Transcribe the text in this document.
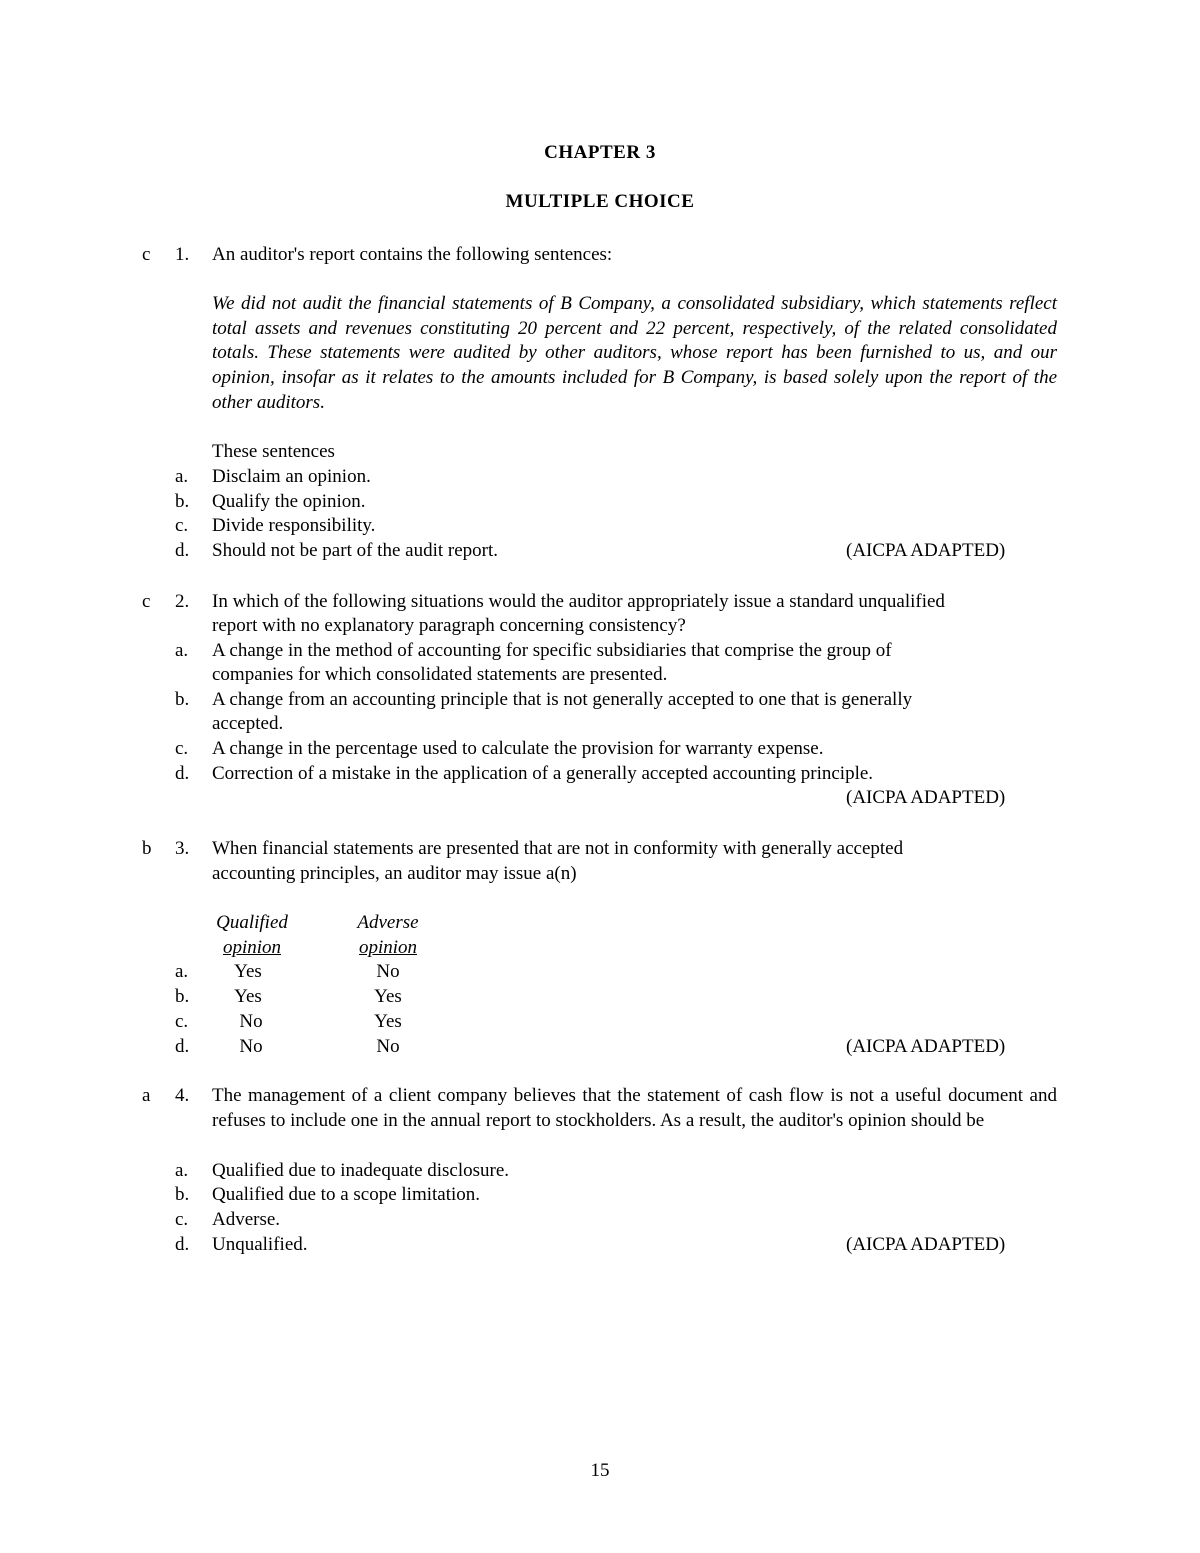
CHAPTER 3
MULTIPLE CHOICE
c 1. An auditor's report contains the following sentences:
We did not audit the financial statements of B Company, a consolidated subsidiary, which statements reflect total assets and revenues constituting 20 percent and 22 percent, respectively, of the related consolidated totals. These statements were audited by other auditors, whose report has been furnished to us, and our opinion, insofar as it relates to the amounts included for B Company, is based solely upon the report of the other auditors.
These sentences
a. Disclaim an opinion.
b. Qualify the opinion.
c. Divide responsibility.
d. Should not be part of the audit report.	(AICPA ADAPTED)
c 2. In which of the following situations would the auditor appropriately issue a standard unqualified
report with no explanatory paragraph concerning consistency?
a. A change in the method of accounting for specific subsidiaries that comprise the group of
companies for which consolidated statements are presented.
b. A change from an accounting principle that is not generally accepted to one that is generally
accepted.
c. A change in the percentage used to calculate the provision for warranty expense.
d. Correction of a mistake in the application of a generally accepted accounting principle.
(AICPA ADAPTED)
b 3. When financial statements are presented that are not in conformity with generally accepted
accounting principles, an auditor may issue a(n)
Qualified
opinion
Adverse
opinion
a.	Yes	No
b.	Yes	Yes
c.	No	Yes
d.	No	No	(AICPA ADAPTED)
a 4. The management of a client company believes that the statement of cash flow is not a useful document and refuses to include one in the annual report to stockholders. As a result, the auditor's opinion should be
a. Qualified due to inadequate disclosure.
b. Qualified due to a scope limitation.
c. Adverse.
d. Unqualified.	(AICPA ADAPTED)
15
